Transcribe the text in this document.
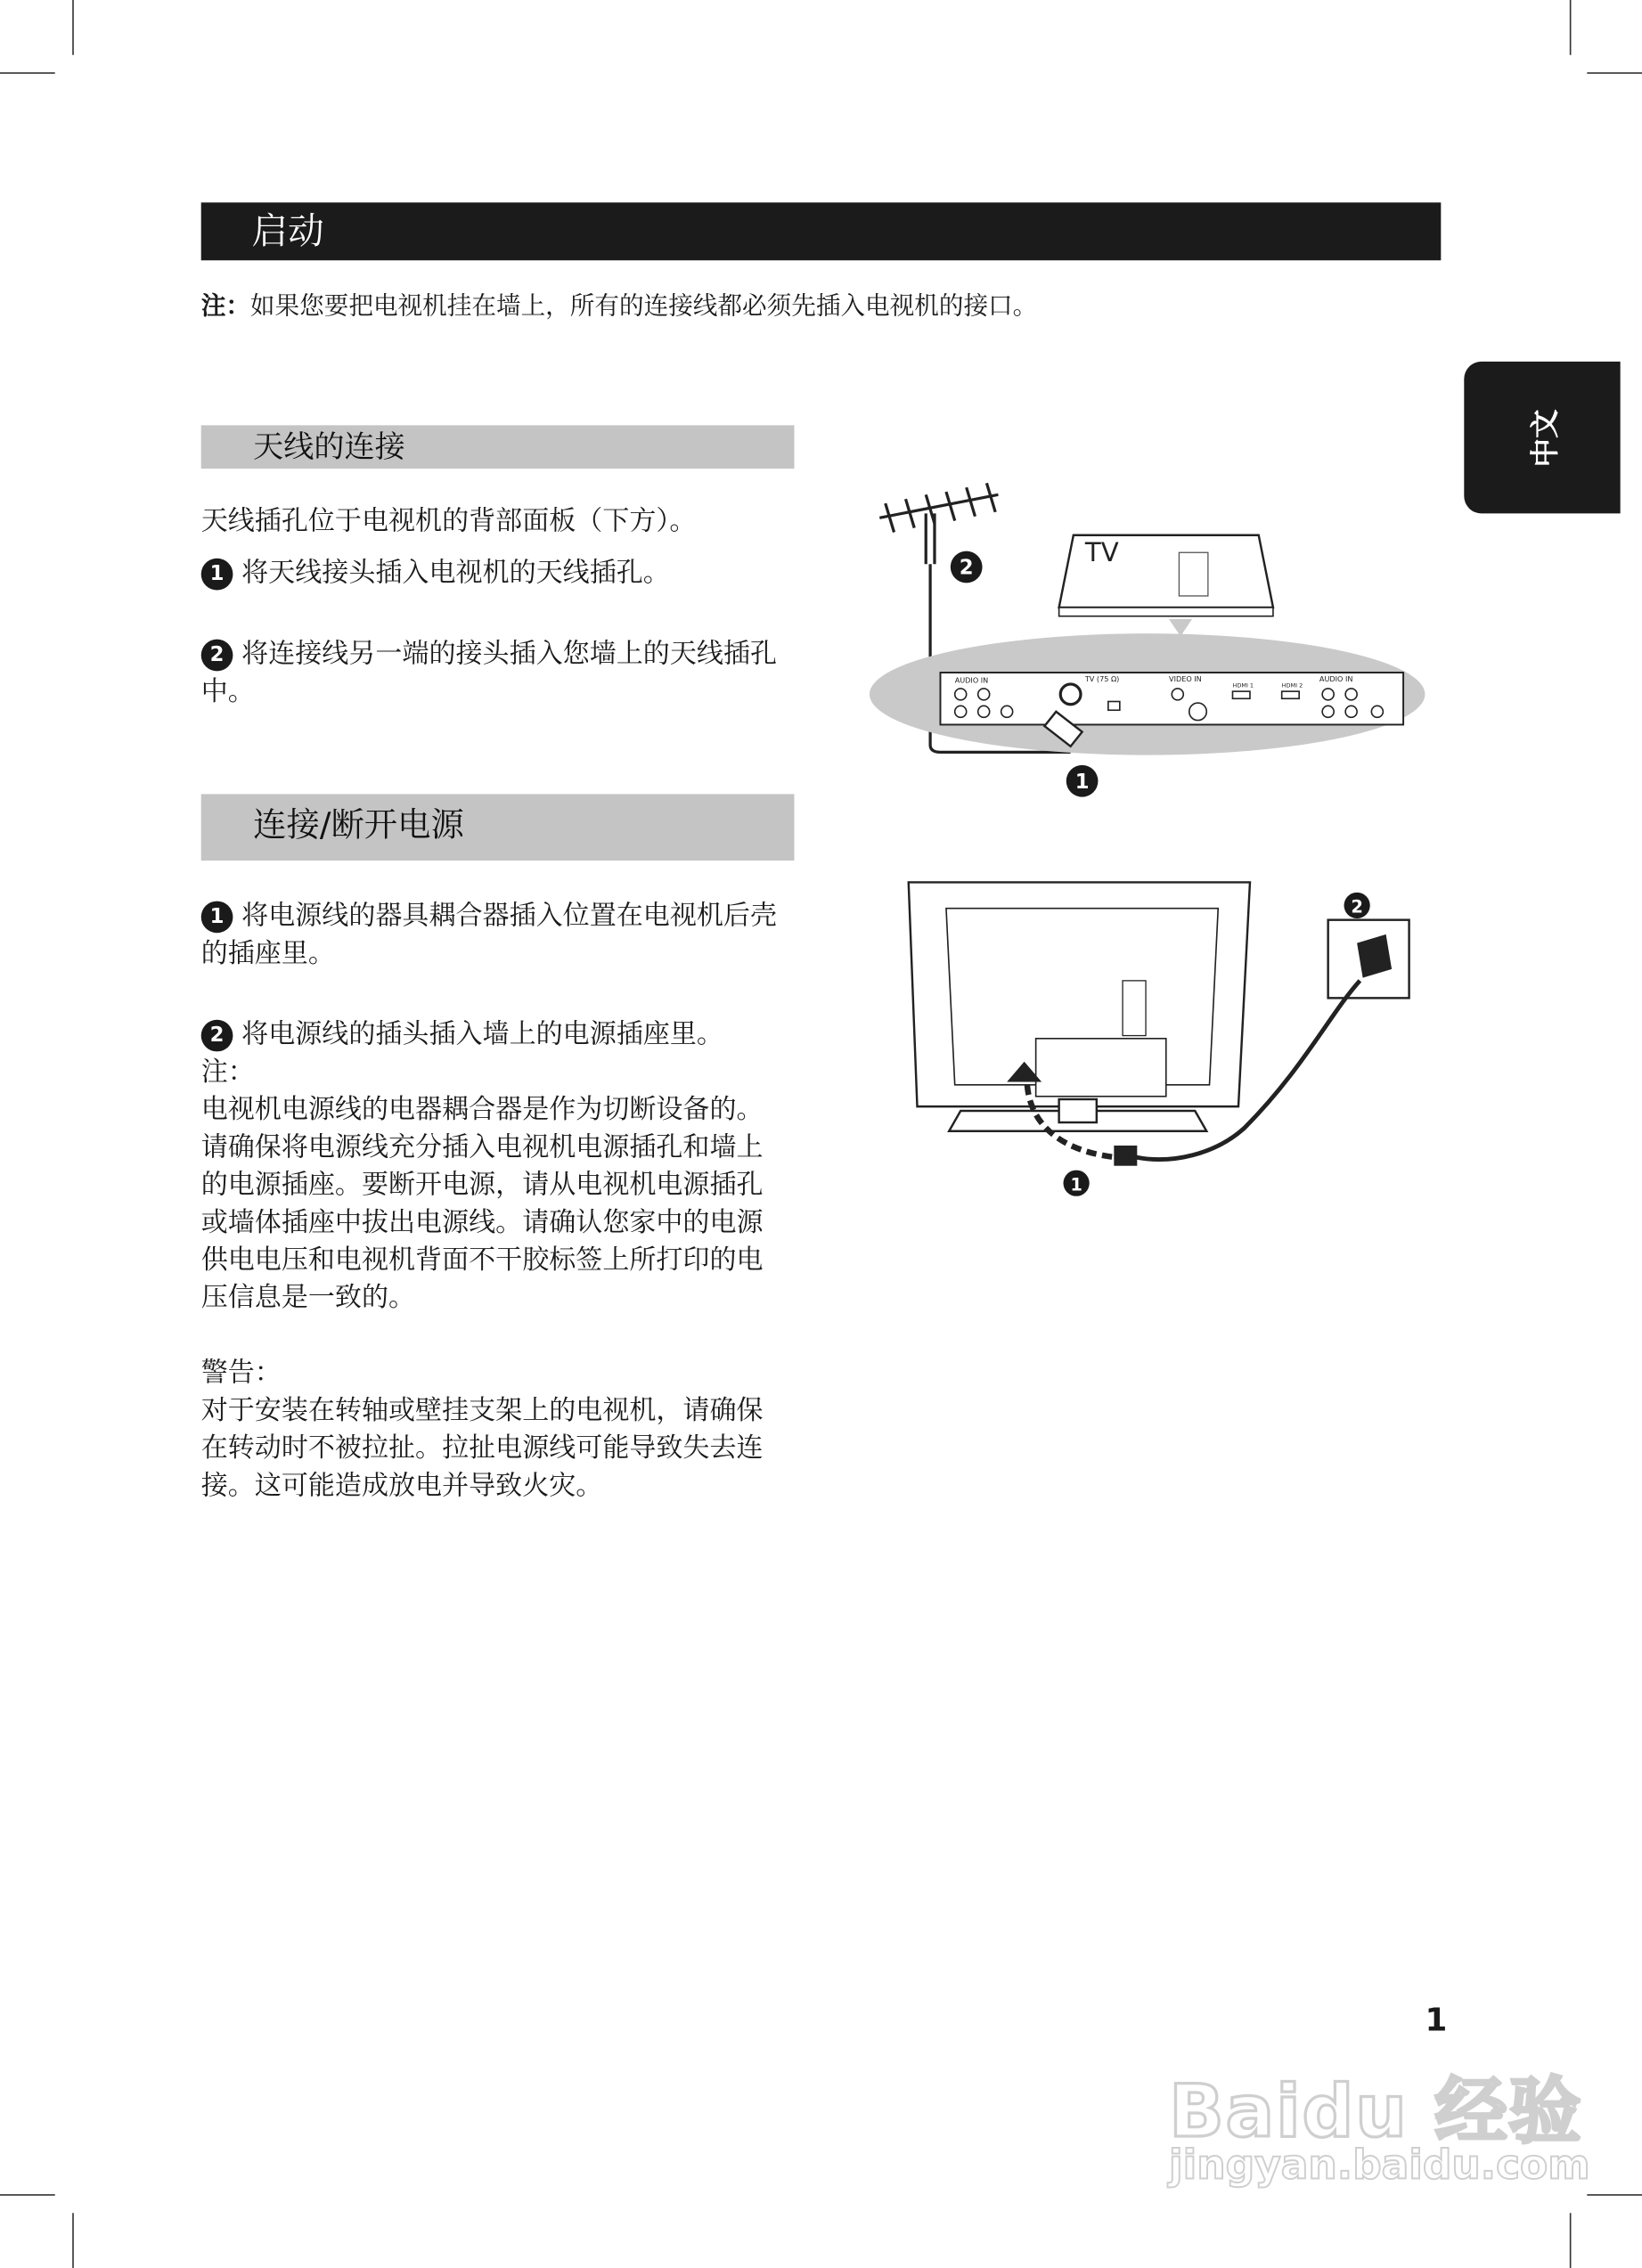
启动
注：如果您要把电视机挂在墙上，所有的连接线都必须先插入电视机的接口。
中文
天线的连接

天线插孔位于电视机的背部面板（下方）。

1 将天线接头插入电视机的天线插孔。

2 将连接线另一端的接头插入您墙上的天线插孔中。

连接/断开电源

1 将电源线的器具耦合器插入位置在电视机后壳的插座里。

2 将电源线的插头插入墙上的电源插座里。

注：

电视机电源线的电器耦合器是作为切断设备的。请确保将电源线充分插入电视机电源插孔和墙上的电源插座。要断开电源，请从电视机电源插孔或墙体插座中拔出电源线。请确认您家中的电源供电电压和电视机背面不干胶标签上所打印的电压信息是一致的。

警告：

对于安装在转轴或壁挂支架上的电视机，请确保在转动时不被拉扯。拉扯电源线可能导致失去连接。这可能造成放电并导致火灾。

2
TV
AUDIO IN	TV (75 Ω)	VIDEO IN
HDMI 1	HDMI 2
AUDIO IN
1
2
1
1
Baidu 经验
jingyan.baidu.com
